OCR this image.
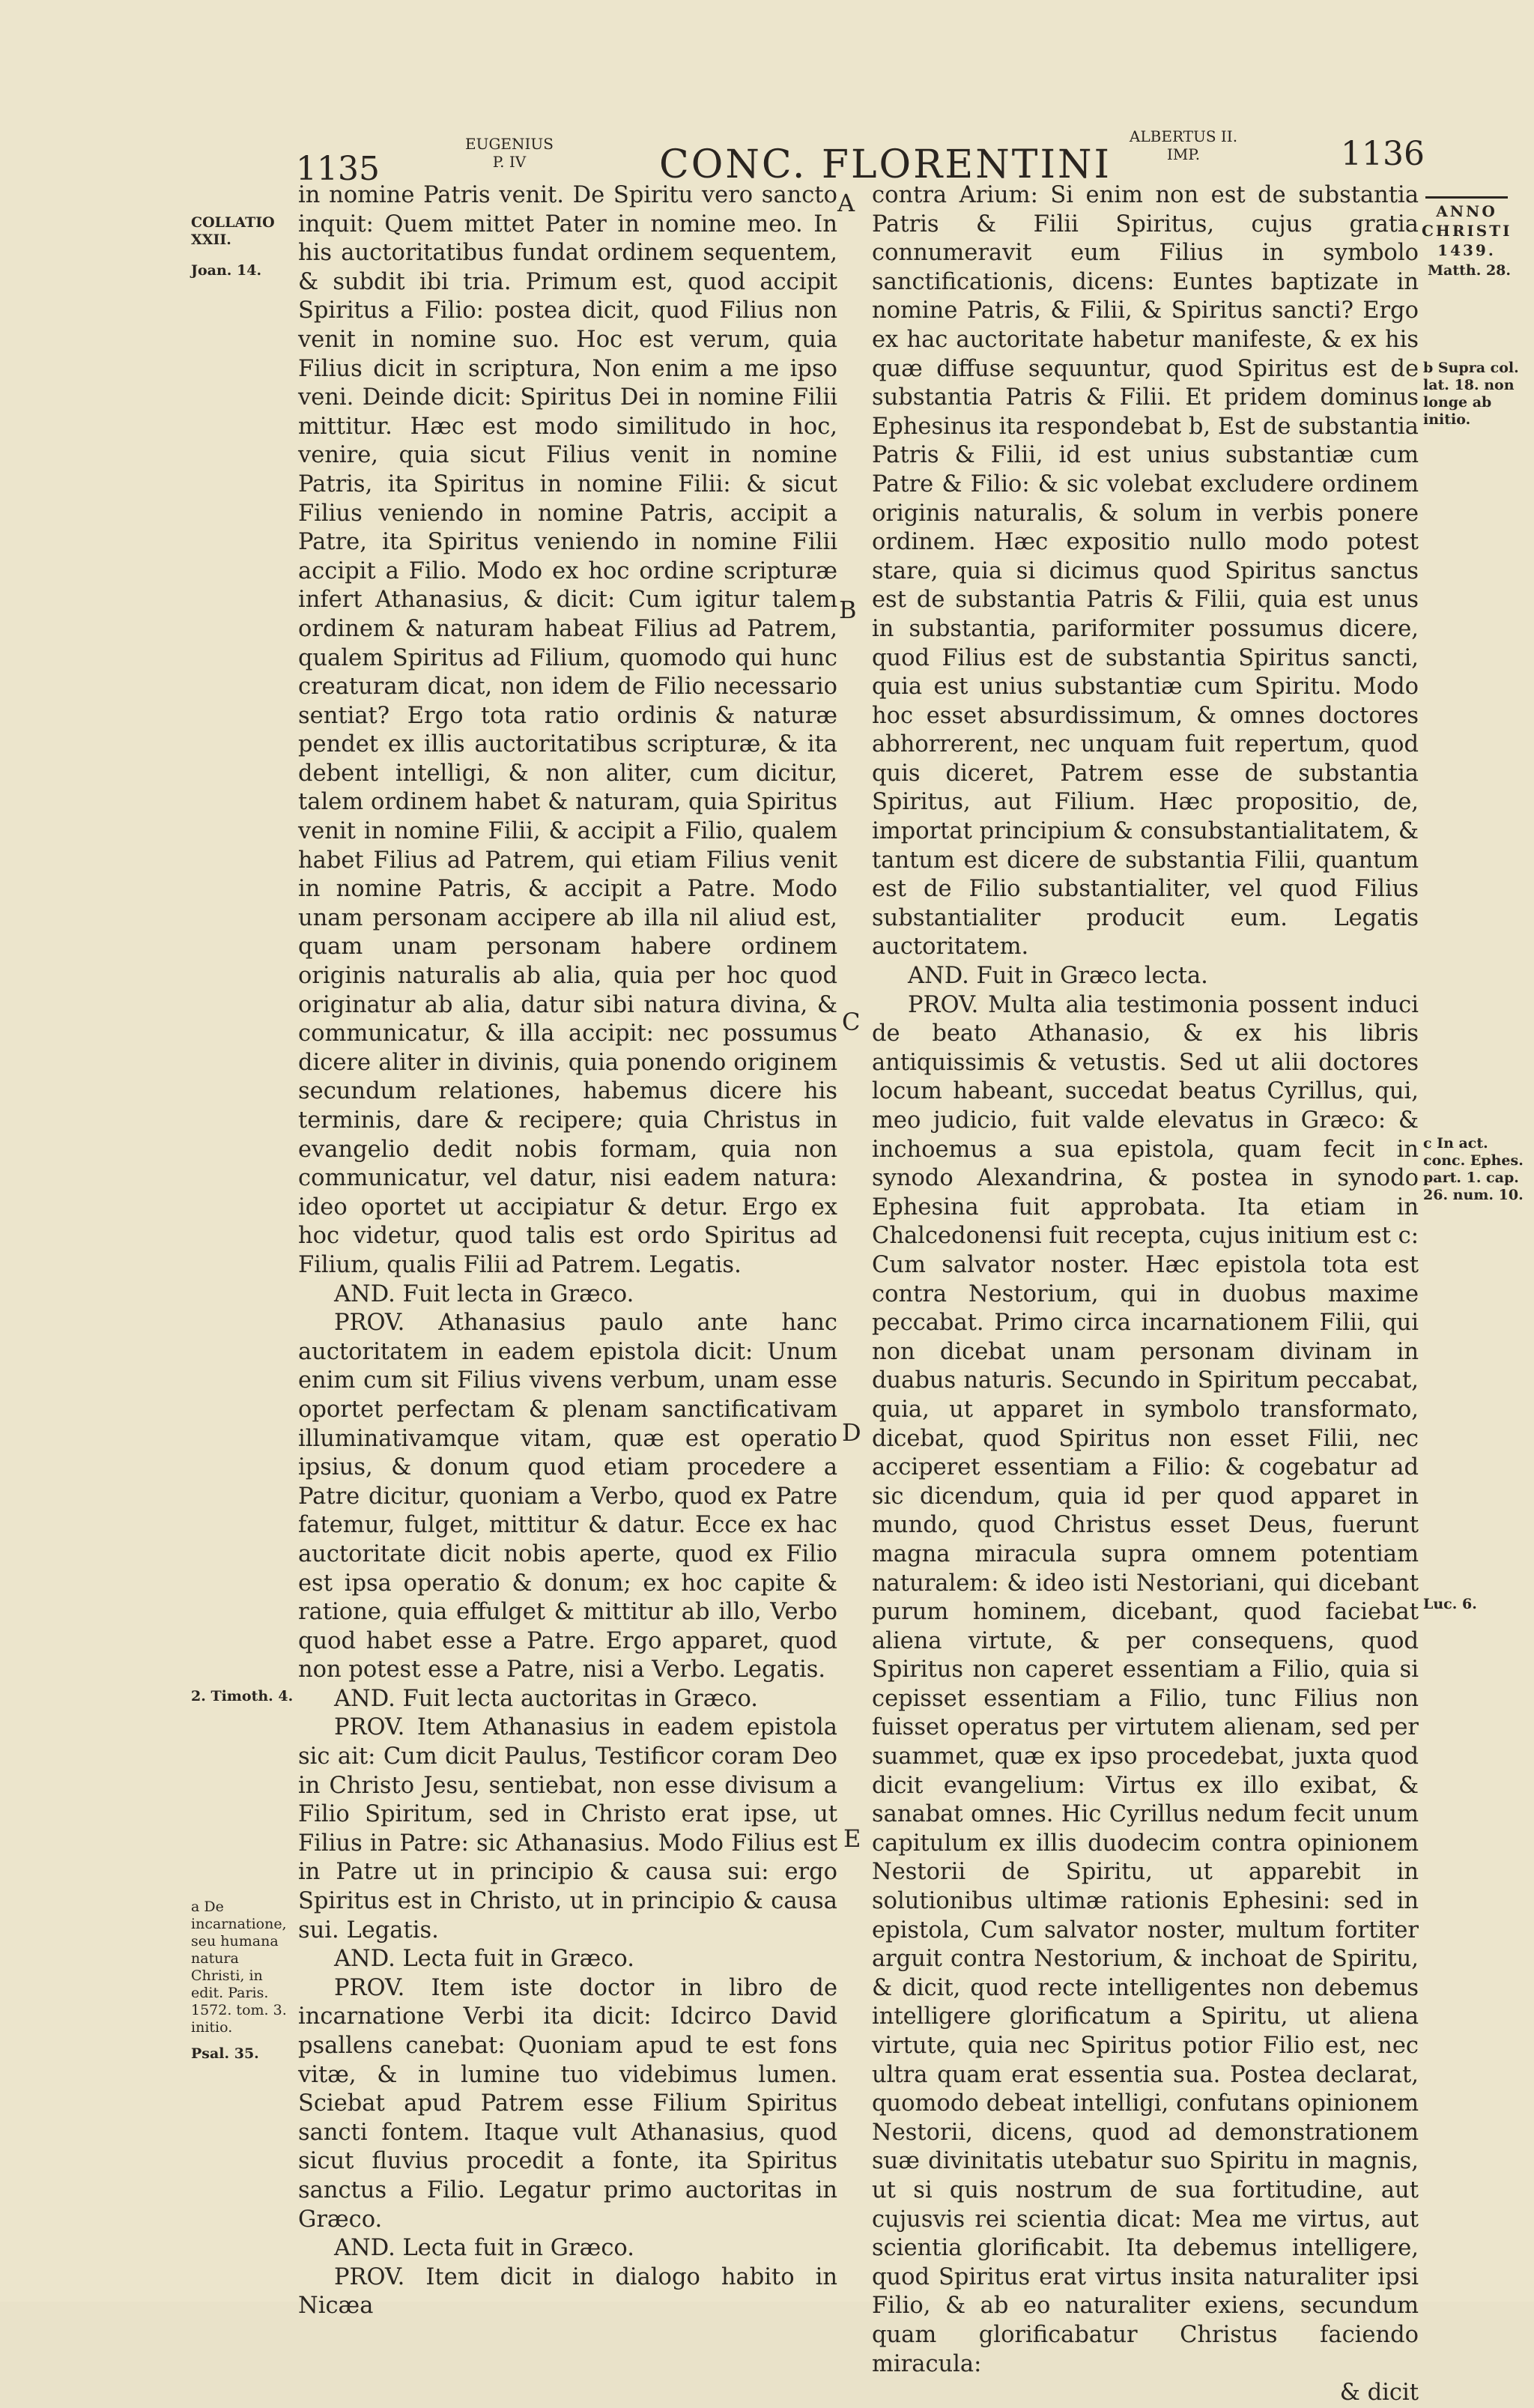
1135
EUGENIUS
P. IV	CONC. FLORENTINI
ALBERTUS II.
IMP.	1136

in nomine Patris venit. De Spiritu vero sancto inquit: Quem mittet Pater in nomine meo. In his auctoritatibus fundat ordinem sequentem, & subdit ibi tria. Primum est, quod accipit Spiritus a Filio: postea dicit, quod Filius non venit in nomine suo. Hoc est verum, quia Filius dicit in scriptura, Non enim a me ipso veni. Deinde dicit: Spiritus Dei in nomine Filii mittitur. Hæc est modo similitudo in hoc, venire, quia sicut Filius venit in nomine Patris, ita Spiritus in nomine Filii: & sicut Filius veniendo in nomine Patris, accipit a Patre, ita Spiritus veniendo in nomine Filii accipit a Filio. Modo ex hoc ordine scripturæ infert Athanasius, & dicit: Cum igitur talem ordinem & naturam habeat Filius ad Patrem, qualem Spiritus ad Filium, quomodo qui hunc creaturam dicat, non idem de Filio necessario sentiat? Ergo tota ratio ordinis & naturæ pendet ex illis auctoritatibus scripturæ, & ita debent intelligi, & non aliter, cum dicitur, talem ordinem habet & naturam, quia Spiritus venit in nomine Filii, & accipit a Filio, qualem habet Filius ad Patrem, qui etiam Filius venit in nomine Patris, & accipit a Patre. Modo unam personam accipere ab illa nil aliud est, quam unam personam habere ordinem originis naturalis ab alia, quia per hoc quod originatur ab alia, datur sibi natura divina, & communicatur, & illa accipit: nec possumus dicere aliter in divinis, quia ponendo originem secundum relationes, habemus dicere his terminis, dare & recipere; quia Christus in evangelio dedit nobis formam, quia non communicatur, vel datur, nisi eadem natura: ideo oportet ut accipiatur & detur. Ergo ex hoc videtur, quod talis est ordo Spiritus ad Filium, qualis Filii ad Patrem. Legatis.

AND. Fuit lecta in Græco.

PROV. Athanasius paulo ante hanc auctoritatem in eadem epistola dicit: Unum enim cum sit Filius vivens verbum, unam esse oportet perfectam & plenam sanctificativam illuminativamque vitam, quæ est operatio ipsius, & donum quod etiam procedere a Patre dicitur, quoniam a Verbo, quod ex Patre fatemur, fulget, mittitur & datur. Ecce ex hac auctoritate dicit nobis aperte, quod ex Filio est ipsa operatio & donum; ex hoc capite & ratione, quia effulget & mittitur ab illo, Verbo quod habet esse a Patre. Ergo apparet, quod non potest esse a Patre, nisi a Verbo. Legatis.

AND. Fuit lecta auctoritas in Græco.

PROV. Item Athanasius in eadem epistola sic ait: Cum dicit Paulus, Testificor coram Deo in Christo Jesu, sentiebat, non esse divisum a Filio Spiritum, sed in Christo erat ipse, ut Filius in Patre: sic Athanasius. Modo Filius est in Patre ut in principio & causa sui: ergo Spiritus est in Christo, ut in principio & causa sui. Legatis.

AND. Lecta fuit in Græco.

PROV. Item iste doctor in libro de incarnatione Verbi ita dicit: Idcirco David psallens canebat: Quoniam apud te est fons vitæ, & in lumine tuo videbimus lumen. Sciebat apud Patrem esse Filium Spiritus sancti fontem. Itaque vult Athanasius, quod sicut fluvius procedit a fonte, ita Spiritus sanctus a Filio. Legatur primo auctoritas in Græco.

AND. Lecta fuit in Græco.

PROV. Item dicit in dialogo habito in Nicæa

contra Arium: Si enim non est de substantia Patris & Filii Spiritus, cujus gratia connumeravit eum Filius in symbolo sanctificationis, dicens: Euntes baptizate in nomine Patris, & Filii, & Spiritus sancti? Ergo ex hac auctoritate habetur manifeste, & ex his quæ diffuse sequuntur, quod Spiritus est de substantia Patris & Filii. Et pridem dominus Ephesinus ita respondebat b, Est de substantia Patris & Filii, id est unius substantiæ cum Patre & Filio: & sic volebat excludere ordinem originis naturalis, & solum in verbis ponere ordinem. Hæc expositio nullo modo potest stare, quia si dicimus quod Spiritus sanctus est de substantia Patris & Filii, quia est unus in substantia, pariformiter possumus dicere, quod Filius est de substantia Spiritus sancti, quia est unius substantiæ cum Spiritu. Modo hoc esset absurdissimum, & omnes doctores abhorrerent, nec unquam fuit repertum, quod quis diceret, Patrem esse de substantia Spiritus, aut Filium. Hæc propositio, de, importat principium & consubstantialitatem, & tantum est dicere de substantia Filii, quantum est de Filio substantialiter, vel quod Filius substantialiter producit eum. Legatis auctoritatem.

AND. Fuit in Græco lecta.

PROV. Multa alia testimonia possent induci de beato Athanasio, & ex his libris antiquissimis & vetustis. Sed ut alii doctores locum habeant, succedat beatus Cyrillus, qui, meo judicio, fuit valde elevatus in Græco: & inchoemus a sua epistola, quam fecit in synodo Alexandrina, & postea in synodo Ephesina fuit approbata. Ita etiam in Chalcedonensi fuit recepta, cujus initium est c: Cum salvator noster. Hæc epistola tota est contra Nestorium, qui in duobus maxime peccabat. Primo circa incarnationem Filii, qui non dicebat unam personam divinam in duabus naturis. Secundo in Spiritum peccabat, quia, ut apparet in symbolo transformato, dicebat, quod Spiritus non esset Filii, nec acciperet essentiam a Filio: & cogebatur ad sic dicendum, quia id per quod apparet in mundo, quod Christus esset Deus, fuerunt magna miracula supra omnem potentiam naturalem: & ideo isti Nestoriani, qui dicebant purum hominem, dicebant, quod faciebat aliena virtute, & per consequens, quod Spiritus non caperet essentiam a Filio, quia si cepisset essentiam a Filio, tunc Filius non fuisset operatus per virtutem alienam, sed per suammet, quæ ex ipso procedebat, juxta quod dicit evangelium: Virtus ex illo exibat, & sanabat omnes. Hic Cyrillus nedum fecit unum capitulum ex illis duodecim contra opinionem Nestorii de Spiritu, ut apparebit in solutionibus ultimæ rationis Ephesini: sed in epistola, Cum salvator noster, multum fortiter arguit contra Nestorium, & inchoat de Spiritu, & dicit, quod recte intelligentes non debemus intelligere glorificatum a Spiritu, ut aliena virtute, quia nec Spiritus potior Filio est, nec ultra quam erat essentia sua. Postea declarat, quomodo debeat intelligi, confutans opinionem Nestorii, dicens, quod ad demonstrationem suæ divinitatis utebatur suo Spiritu in magnis, ut si quis nostrum de sua fortitudine, aut cujusvis rei scientia dicat: Mea me virtus, aut scientia glorificabit. Ita debemus intelligere, quod Spiritus erat virtus insita naturaliter ipsi Filio, & ab eo naturaliter exiens, secundum quam glorificabatur Christus faciendo miracula:

& dicit

COLLATIO XXII.
Joan. 14.
2. Timoth. 4.
a De incarnatione, seu humana natura Christi, in edit. Paris. 1572. tom. 3. initio.
Psal. 35.
ANNO CHRISTI 1439.
Matth. 28.
b Supra col. lat. 18. non longe ab initio.
c In act. conc. Ephes. part. 1. cap. 26. num. 10.
Luc. 6.
A
B
C
D
E
